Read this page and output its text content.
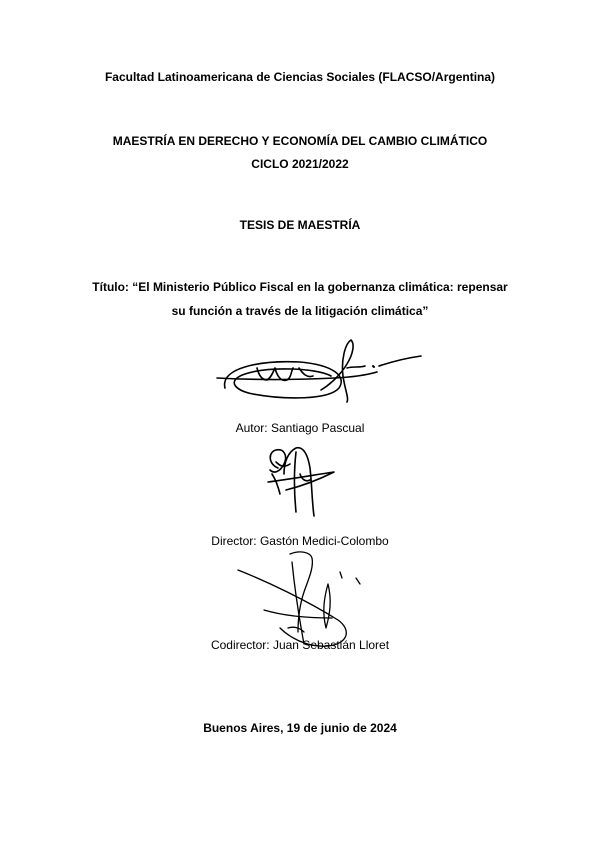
Facultad Latinoamericana de Ciencias Sociales (FLACSO/Argentina)
MAESTRÍA EN DERECHO Y ECONOMÍA DEL CAMBIO CLIMÁTICO
CICLO 2021/2022
TESIS DE MAESTRÍA
Título: “El Ministerio Público Fiscal en la gobernanza climática: repensar
su función a través de la litigación climática”
Autor: Santiago Pascual
Director: Gastón Medici-Colombo
Codirector: Juan Sebastián Lloret
Buenos Aires, 19 de junio de 2024
